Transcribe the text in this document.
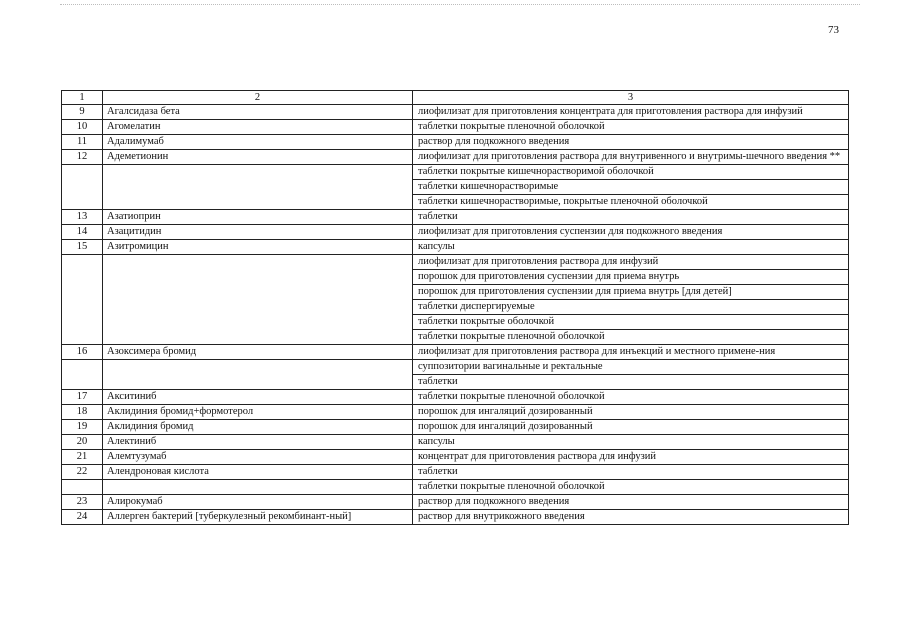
73
1	2	3
9	Агалсидаза бета	лиофилизат для приготовления концентрата для приготовления раствора для инфузий
10	Агомелатин	таблетки покрытые пленочной оболочкой
11	Адалимумаб	раствор для подкожного введения
12	Адеметионин	лиофилизат для приготовления раствора для внутривенного и внутримы-шечного введения **
		таблетки покрытые кишечнорастворимой оболочкой
		таблетки кишечнорастворимые
		таблетки кишечнорастворимые, покрытые пленочной оболочкой
13	Азатиоприн	таблетки
14	Азацитидин	лиофилизат для приготовления суспензии для подкожного введения
15	Азитромицин	капсулы
		лиофилизат для приготовления раствора для инфузий
		порошок для приготовления суспензии для приема внутрь
		порошок для приготовления суспензии для приема внутрь [для детей]
		таблетки диспергируемые
		таблетки покрытые оболочкой
		таблетки покрытые пленочной оболочкой
16	Азоксимера бромид	лиофилизат для приготовления раствора для инъекций и местного примене-ния
		суппозитории вагинальные и ректальные
		таблетки
17	Акситиниб	таблетки покрытые пленочной оболочкой
18	Аклидиния бромид+формотерол	порошок для ингаляций дозированный
19	Аклидиния бромид	порошок для ингаляций дозированный
20	Алектиниб	капсулы
21	Алемтузумаб	концентрат для приготовления раствора для инфузий
22	Алендроновая кислота	таблетки
		таблетки покрытые пленочной оболочкой
23	Алирокумаб	раствор для подкожного введения
24	Аллерген бактерий [туберкулезный рекомбинант-ный]	раствор для внутрикожного введения
